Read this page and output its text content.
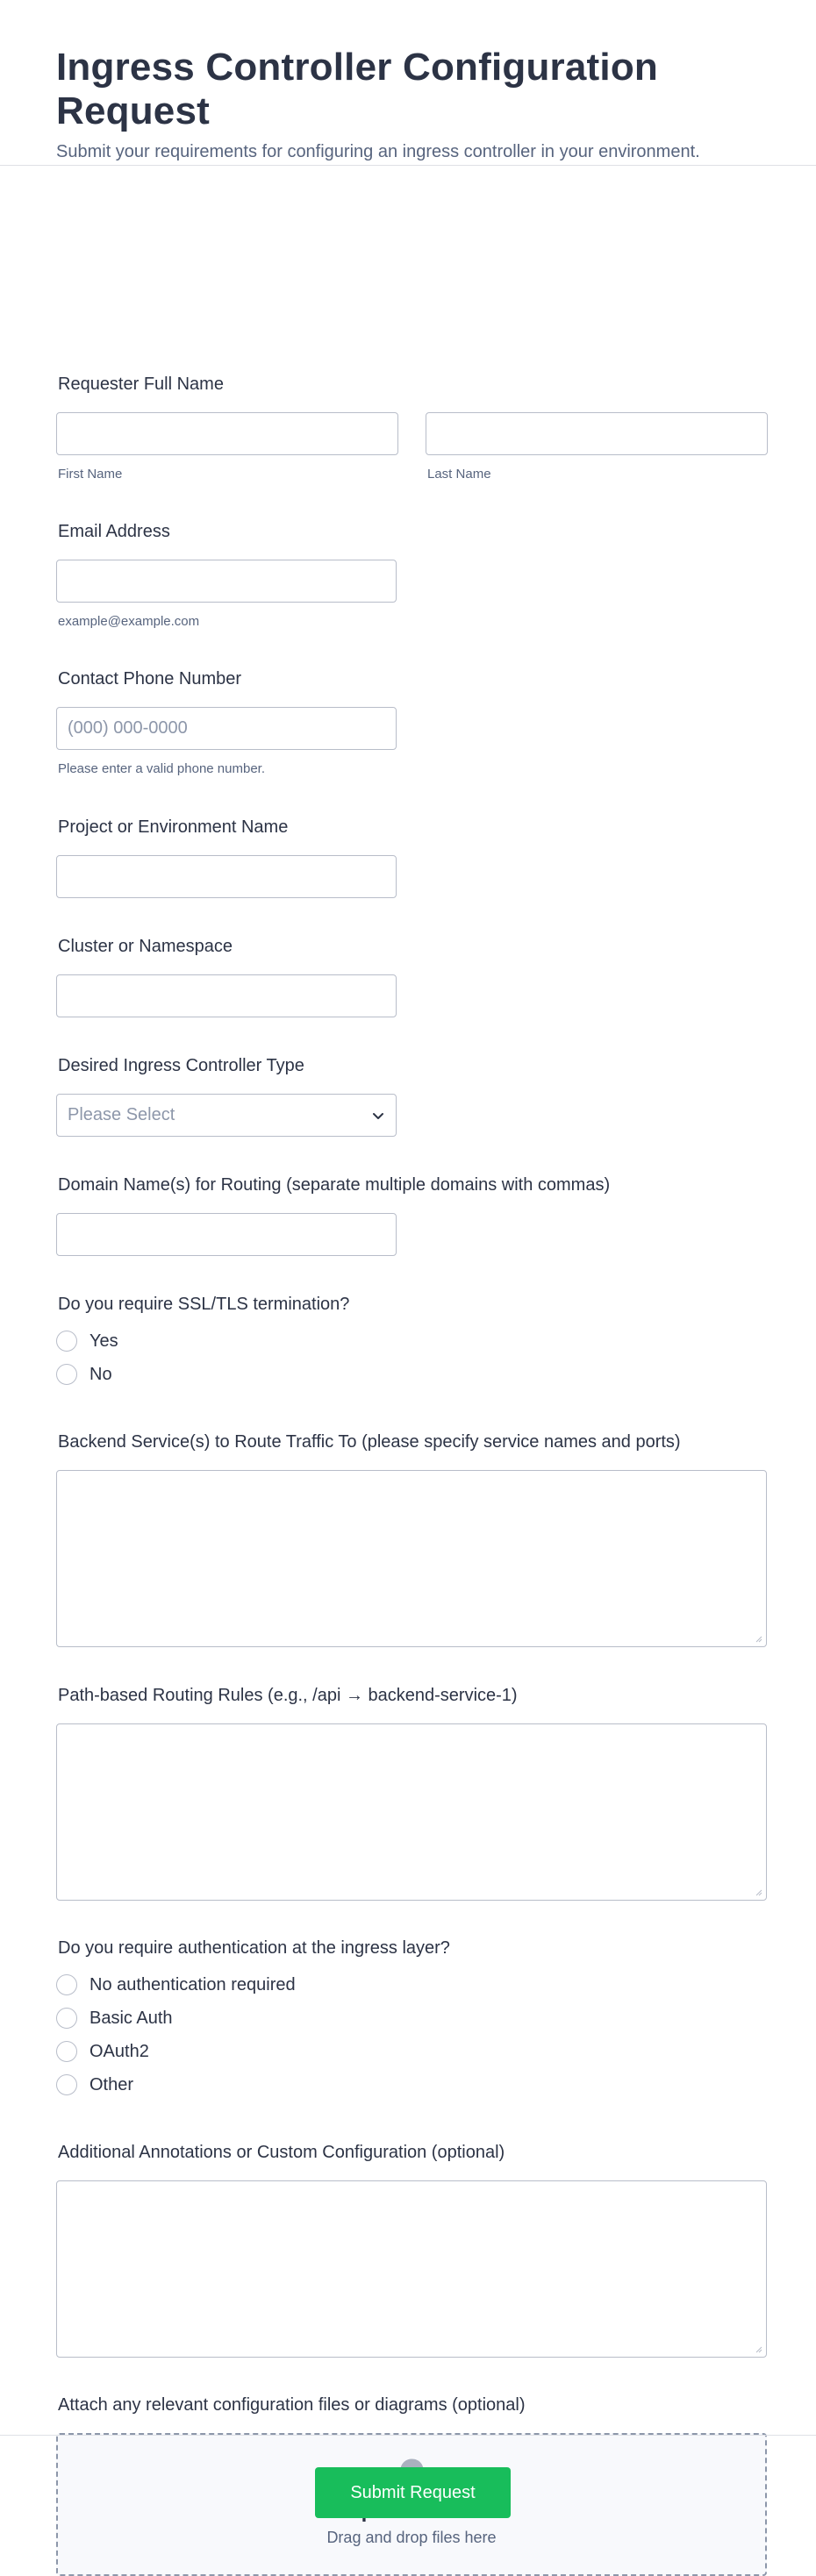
Ingress Controller Configuration Request
Submit your requirements for configuring an ingress controller in your environment.
Requester Full Name
First Name	Last Name
Email Address
example@example.com
Contact Phone Number
(000) 000-0000
Please enter a valid phone number.
Project or Environment Name
Cluster or Namespace
Desired Ingress Controller Type
Please Select
Domain Name(s) for Routing (separate multiple domains with commas)
Do you require SSL/TLS termination?
Yes
No
Backend Service(s) to Route Traffic To (please specify service names and ports)
Path-based Routing Rules (e.g., /api → backend-service-1)
Do you require authentication at the ingress layer?
No authentication required
Basic Auth
OAuth2
Other
Additional Annotations or Custom Configuration (optional)
Attach any relevant configuration files or diagrams (optional)
Drag and drop files here
Submit Request
